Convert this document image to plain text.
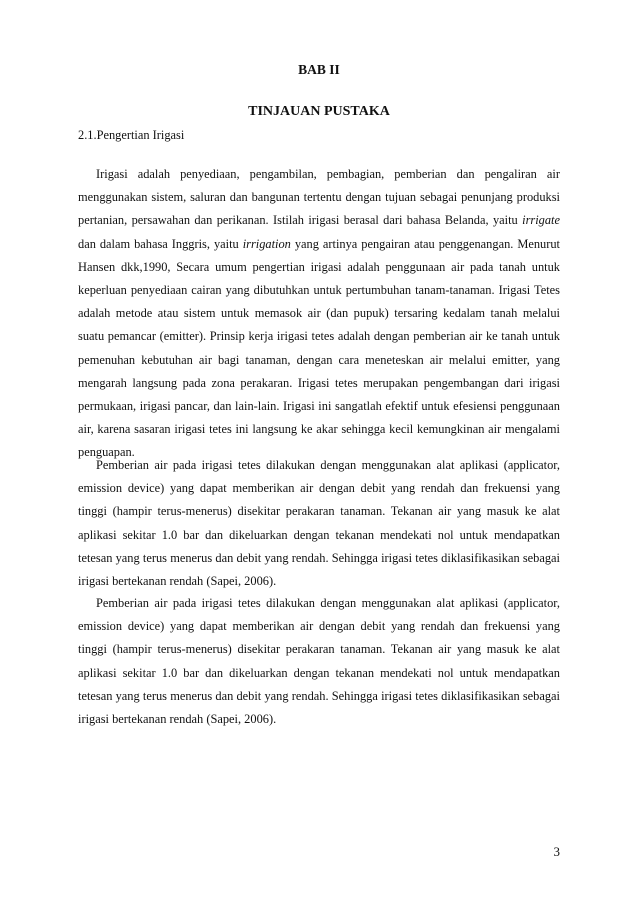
BAB II
TINJAUAN PUSTAKA
2.1.Pengertian Irigasi

Irigasi adalah penyediaan, pengambilan, pembagian, pemberian dan pengaliran air menggunakan sistem, saluran dan bangunan tertentu dengan tujuan sebagai penunjang produksi pertanian, persawahan dan perikanan. Istilah irigasi berasal dari bahasa Belanda, yaitu irrigate dan dalam bahasa Inggris, yaitu irrigation yang artinya pengairan atau penggenangan. Menurut Hansen dkk,1990, Secara umum pengertian irigasi adalah penggunaan air pada tanah untuk keperluan penyediaan cairan yang dibutuhkan untuk pertumbuhan tanam-tanaman. Irigasi Tetes adalah metode atau sistem untuk memasok air (dan pupuk) tersaring kedalam tanah melalui suatu pemancar (emitter). Prinsip kerja irigasi tetes adalah dengan pemberian air ke tanah untuk pemenuhan kebutuhan air bagi tanaman, dengan cara meneteskan air melalui emitter, yang mengarah langsung pada zona perakaran. Irigasi tetes merupakan pengembangan dari irigasi permukaan, irigasi pancar, dan lain-lain. Irigasi ini sangatlah efektif untuk efesiensi penggunaan air, karena sasaran irigasi tetes ini langsung ke akar sehingga kecil kemungkinan air mengalami penguapan.

Pemberian air pada irigasi tetes dilakukan dengan menggunakan alat aplikasi (applicator, emission device) yang dapat memberikan air dengan debit yang rendah dan frekuensi yang tinggi (hampir terus-menerus) disekitar perakaran tanaman. Tekanan air yang masuk ke alat aplikasi sekitar 1.0 bar dan dikeluarkan dengan tekanan mendekati nol untuk mendapatkan tetesan yang terus menerus dan debit yang rendah. Sehingga irigasi tetes diklasifikasikan sebagai irigasi bertekanan rendah (Sapei, 2006).

Pemberian air pada irigasi tetes dilakukan dengan menggunakan alat aplikasi (applicator, emission device) yang dapat memberikan air dengan debit yang rendah dan frekuensi yang tinggi (hampir terus-menerus) disekitar perakaran tanaman. Tekanan air yang masuk ke alat aplikasi sekitar 1.0 bar dan dikeluarkan dengan tekanan mendekati nol untuk mendapatkan tetesan yang terus menerus dan debit yang rendah. Sehingga irigasi tetes diklasifikasikan sebagai irigasi bertekanan rendah (Sapei, 2006).

3
